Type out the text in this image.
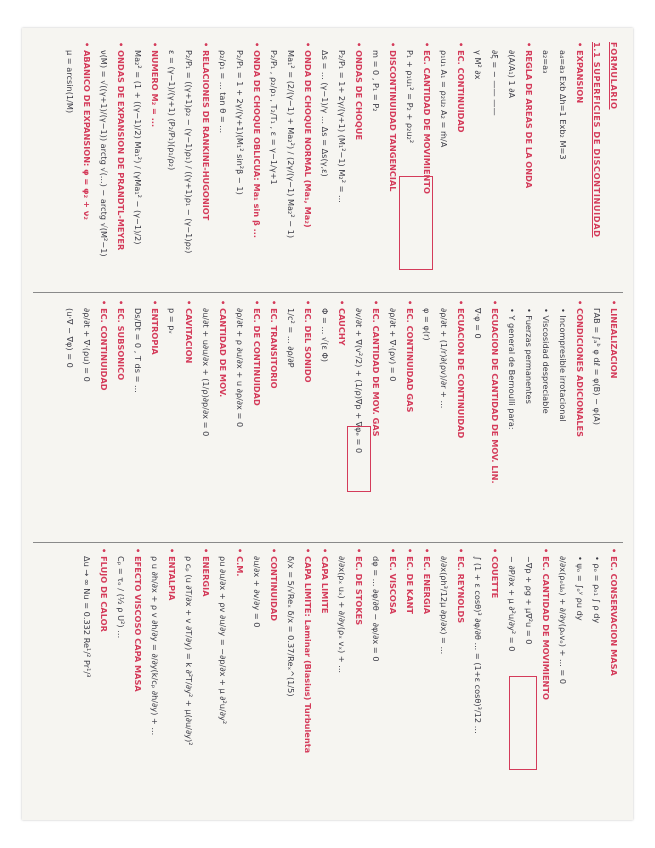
FORMULARIO
1.1 SUPERFICIES DE DISCONTINUIDAD
• EXPANSION
a₄=a₃ Exb Δh=1 Exb₂ M=3
a₂=a₃
• REGLA DE AREAS DE LA ONDA
∂(A/A₁) 1 ∂A
∂ξ = − —— ——
γ M² ∂x
• EC. CONTINUIDAD
ρ₁u₁ A₁ = ρ₂u₂ A₂ = ṁ/A
• EC. CANTIDAD DE MOVIMIENTO
P₁ + ρ₁u₁² = P₂ + ρ₂u₂²
• DISCONTINUIDAD TANGENCIAL
m = 0 , P₁ = P₂
• ONDAS DE CHOQUE
P₂/P₁ = 1+ 2γ/(γ+1) (M₁²−1) M₂² = ...
Δs = ... (γ−1)/γ … Δs = Δs(γ,ε)
• ONDA DE CHOQUE NORMAL (Ma₁, Ma₂)
Ma₁² = (2/(γ−1) + Ma₂²) / (2γ/(γ−1) Ma₂² − 1)
P₂/P₁ , ρ₂/ρ₁ , T₂/T₁ , ε = γ−1/γ+1
• ONDA DE CHOQUE OBLICUA: Ma₁ sin β ...
P₂/P₁ = 1 + 2γ/(γ+1)(M₁² sin²β − 1)
ρ₂/ρ₁ = ... tan θ = ...
• RELACIONES DE RANKINE-HUGONIOT
P₂/P₁ = ((γ+1)ρ₂ − (γ−1)ρ₁) / ((γ+1)ρ₁ − (γ−1)ρ₂)
ε = (γ−1)/(γ+1) (P₂/P₁)(ρ₁/ρ₂)
• NUMERO M₂ = ...
Ma₂² = (1 + ((γ−1)/2) Ma₁²) / (γMa₁² − (γ−1)/2)
• ONDAS DE EXPANSION DE PRANDTL-MEYER
ν(M) = √((γ+1)/(γ−1)) arctg √(...) − arctg √(M²−1)
• ABANICO DE EXPANSION: φ = φ₂ + ν₂
μ = arcsin(1/M)
• LINEALIZACION
ΓAB = ∫ₐᵇ φ dℓ = φ(B) − φ(A)
• CONDICIONES ADICIONALES
• Incompresible irrotacional
• Viscosidad despreciable
• Fuerzas permanentes
• Y general de Bernoulli para:
• ECUACION DE CANTIDAD DE MOV. LIN.
∇·φ = 0
• ECUACION DE CONTINUIDAD
∂ρ/∂t + (1/r)∂(ρv)/∂r + ...
φ = φ(r)
• EC. CONTINUIDAD GAS
∂ρ/∂t + ∇·(ρv) = 0
• EC. CANTIDAD DE MOV. GAS
∂v/∂t + ∇(v²/2) + (1/ρ)∇p + ∇φₑ = 0
• CAUCHY
Φ = ... √(ε Φ)
• EC. DEL SONIDO
1/c² = ... ∂ρ/∂P
• EC. TRANSITORIO
• EC. DE CONTINUIDAD
∂ρ/∂t + ρ ∂u/∂x + u ∂ρ/∂x = 0
• CANTIDAD DE MOV.
∂u/∂t + u∂u/∂x + (1/ρ)∂p/∂x = 0
• CAVITACION
p = pᵥ
• ENTROPIA
Ds/Dt = 0 , T ds = ...
• EC. SUBSONICO
• EC. CONTINUIDAD
∂ρ/∂t + ∇·(ρu) = 0
(u·∇ − ∇φ) = 0
• EC. CONSERVACION MASA
• ρₒ = ρₒ₁ ∫ ρ dy
• ψₒ = ∫ₒʸ ρu dy
∂/∂x(ρₒuₒ) + ∂/∂y(ρₒvₒ) + ... = 0
• EC. CANTIDAD DE MOVIMIENTO
−∇p + ρg + μ∇²u = 0
− ∂P/∂x + μ ∂²u/∂y² = 0
• COUETTE
∫ (1 + ε cosθ)³ ∂φ/∂θ ... = (1+ε cosθ)³/12 …
• EC. REYNOLDS
∂/∂x(ρh³/12μ ∂p/∂x) = ...
• EC. ENERGIA
• EC. DE KANT
• EC. VISCOSA
dφ = ... ∂φ/∂θ − ∂φ/∂x = 0
• EC. DE STOKES
∂/∂x(ρₓ uₓ) + ∂/∂y(ρₓ vₓ) + ...
• CAPA LIMITE
• CAPA LIMITE: Laminar (Blasius) Turbulenta
δ/x = 5/√Reₓ δ/x = 0.37/Reₓ^(1/5)
• CONTINUIDAD
∂u/∂x + ∂v/∂y = 0
• C.M.
ρu ∂u/∂x + ρv ∂u/∂y = −∂p/∂x + μ ∂²u/∂y²
• ENERGIA
ρ cₚ (u ∂T/∂x + v ∂T/∂y) = k ∂²T/∂y² + μ(∂u/∂y)²
• ENTALPIA
ρ u ∂h/∂x + ρ v ∂h/∂y = ∂/∂y(k/cₚ ∂h/∂y) + ...
• EFECTO VISCOSO CAPA MASA
Cₚ = τₒ / (½ ρ U²) …
• FLUJO DE CALOR
Δu → ∞ Nu = 0.332 Re¹/² Pr¹/³
